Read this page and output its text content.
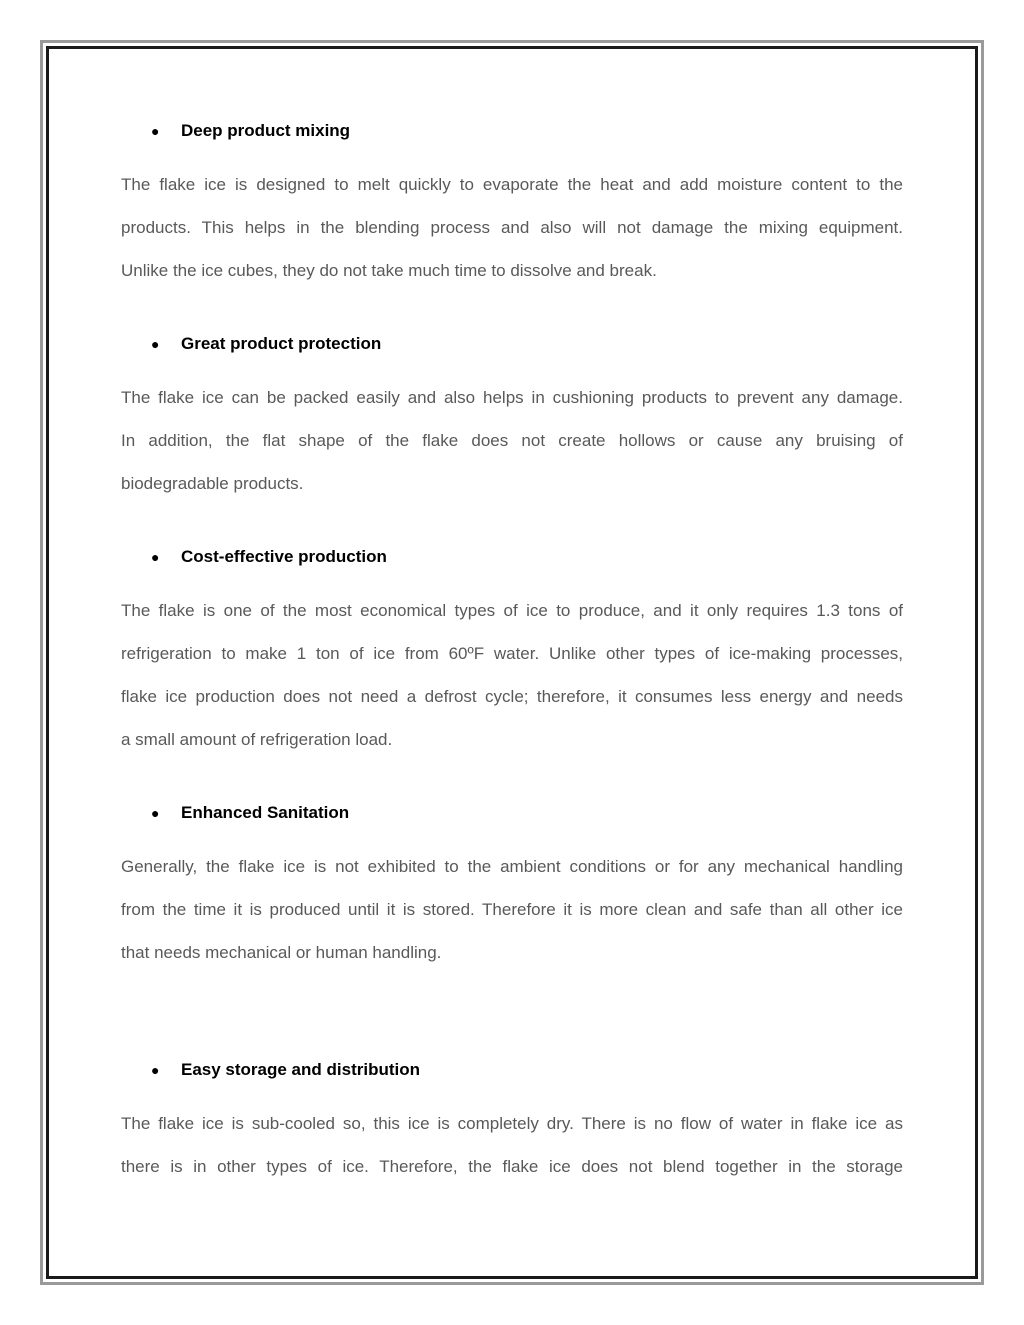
● Deep product mixing
The flake ice is designed to melt quickly to evaporate the heat and add moisture content to the
products. This helps in the blending process and also will not damage the mixing equipment.
Unlike the ice cubes, they do not take much time to dissolve and break.
● Great product protection
The flake ice can be packed easily and also helps in cushioning products to prevent any damage.
In addition, the flat shape of the flake does not create hollows or cause any bruising of
biodegradable products.
● Cost-effective production
The flake is one of the most economical types of ice to produce, and it only requires 1.3 tons of
refrigeration to make 1 ton of ice from 60ºF water. Unlike other types of ice-making processes,
flake ice production does not need a defrost cycle; therefore, it consumes less energy and needs
a small amount of refrigeration load.
● Enhanced Sanitation
Generally, the flake ice is not exhibited to the ambient conditions or for any mechanical handling
from the time it is produced until it is stored. Therefore it is more clean and safe than all other ice
that needs mechanical or human handling.
● Easy storage and distribution
The flake ice is sub-cooled so, this ice is completely dry. There is no flow of water in flake ice as
there is in other types of ice. Therefore, the flake ice does not blend together in the storage
